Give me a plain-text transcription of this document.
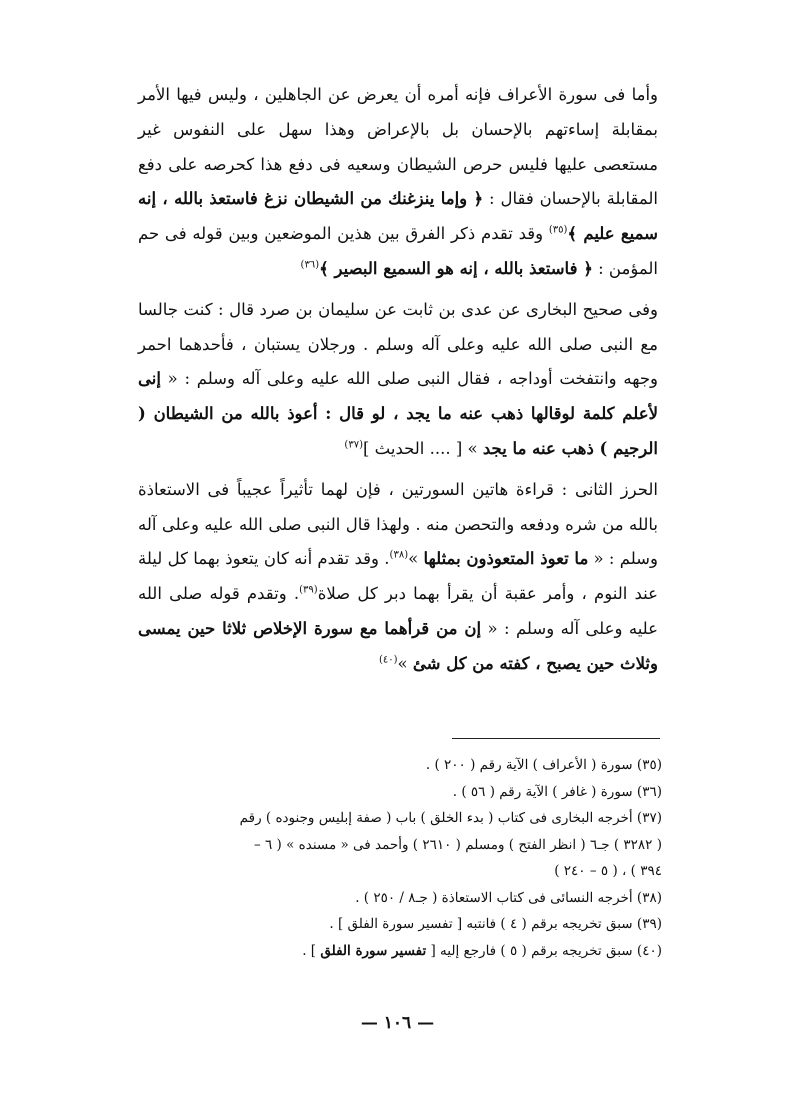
وأما فى سورة الأعراف فإنه أمره أن يعرض عن الجاهلين ، وليس فيها الأمر بمقابلة إساءتهم بالإحسان بل بالإعراض وهذا سهل على النفوس غير مستعصى عليها فليس حرص الشيطان وسعيه فى دفع هذا كحرصه على دفع المقابلة بالإحسان فقال : ﴿ وإما ينزغنك من الشيطان نزغ فاستعذ بالله ، إنه سميع عليم ﴾$^{(٣٥)}$ وقد تقدم ذكر الفرق بين هذين الموضعين وبين قوله فى حم المؤمن : ﴿ فاستعذ بالله ، إنه هو السميع البصير ﴾$^{(٣٦)}$

وفى صحيح البخارى عن عدى بن ثابت عن سليمان بن صرد قال : كنت جالسا مع النبى صلى الله عليه وعلى آله وسلم . ورجلان يستبان ، فأحدهما احمر وجهه وانتفخت أوداجه ، فقال النبى صلى الله عليه وعلى آله وسلم : « إنى لأعلم كلمة لوقالها ذهب عنه ما يجد ، لو قال : أعوذ بالله من الشيطان ( الرجيم ) ذهب عنه ما يجد » [ .... الحديث ]$^{(٣٧)}$

الحرز الثانى : قراءة هاتين السورتين ، فإن لهما تأثيراً عجيباً فى الاستعاذة بالله من شره ودفعه والتحصن منه . ولهذا قال النبى صلى الله عليه وعلى آله وسلم : « ما تعوذ المتعوذون بمثلها »$^{(٣٨)}$. وقد تقدم أنه كان يتعوذ بهما كل ليلة عند النوم ، وأمر عقبة أن يقرأ بهما دبر كل صلاة$^{(٣٩)}$. وتقدم قوله صلى الله عليه وعلى آله وسلم : « إن من قرأهما مع سورة الإخلاص ثلاثا حين يمسى وثلاث حين يصبح ، كفته من كل شئ »$^{(٤٠)}$

(٣٥) سورة ( الأعراف ) الآية رقم ( ٢٠٠ ) .

(٣٦) سورة ( غافر ) الآية رقم ( ٥٦ ) .

(٣٧) أخرجه البخارى فى كتاب ( بدء الخلق ) باب ( صفة إبليس وجنوده ) رقم

( ٣٢٨٢ ) جـ٦ ( انظر الفتح ) ومسلم ( ٢٦١٠ ) وأحمد فى « مسنده » ( ٦ –

٣٩٤ ) ، ( ٥ – ٢٤٠ )

(٣٨) أخرجه النسائى فى كتاب الاستعاذة ( جـ٨ / ٢٥٠ ) .

(٣٩) سبق تخريجه برقم ( ٤ ) فانتبه [ تفسير سورة الفلق ] .

(٤٠) سبق تخريجه برقم ( ٥ ) فارجع إليه [ تفسير سورة الفلق ] .

— ١٠٦ —
